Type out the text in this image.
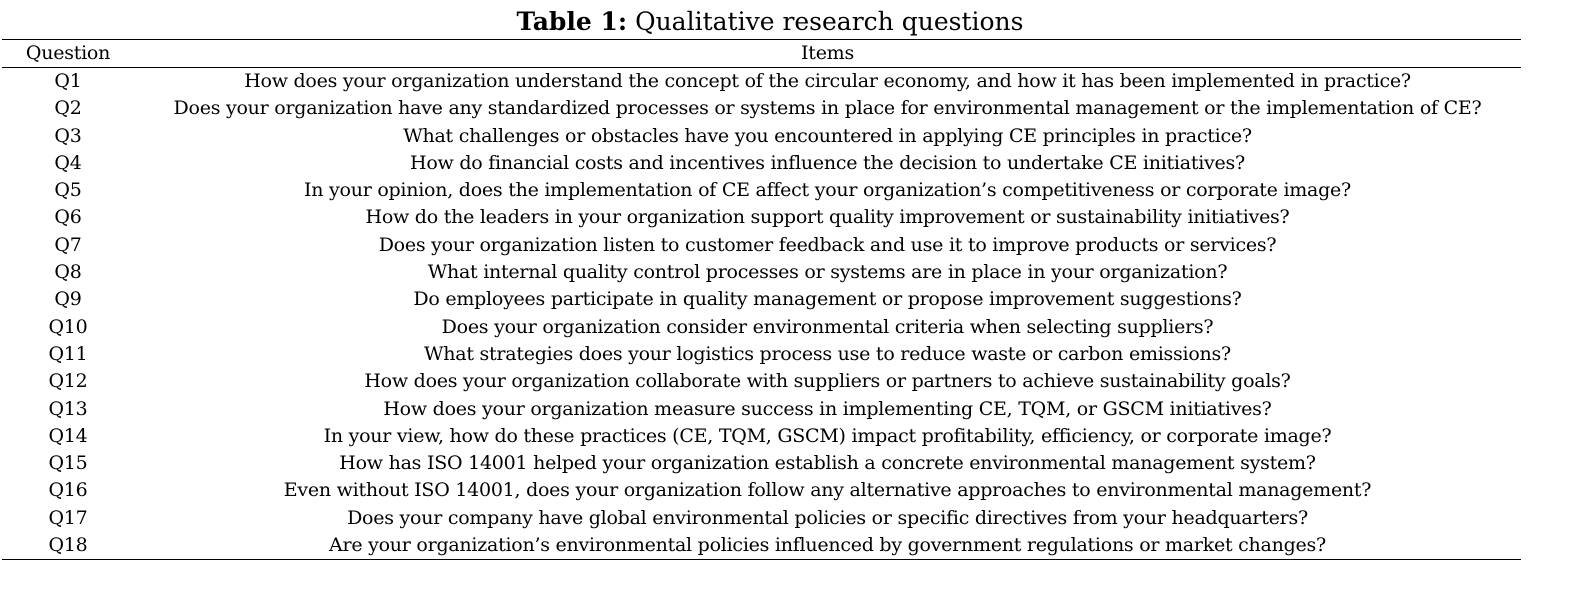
Table 1: Qualitative research questions
Question	Items
Q1	How does your organization understand the concept of the circular economy, and how it has been implemented in practice?
Q2	Does your organization have any standardized processes or systems in place for environmental management or the implementation of CE?
Q3	What challenges or obstacles have you encountered in applying CE principles in practice?
Q4	How do financial costs and incentives influence the decision to undertake CE initiatives?
Q5	In your opinion, does the implementation of CE affect your organization’s competitiveness or corporate image?
Q6	How do the leaders in your organization support quality improvement or sustainability initiatives?
Q7	Does your organization listen to customer feedback and use it to improve products or services?
Q8	What internal quality control processes or systems are in place in your organization?
Q9	Do employees participate in quality management or propose improvement suggestions?
Q10	Does your organization consider environmental criteria when selecting suppliers?
Q11	What strategies does your logistics process use to reduce waste or carbon emissions?
Q12	How does your organization collaborate with suppliers or partners to achieve sustainability goals?
Q13	How does your organization measure success in implementing CE, TQM, or GSCM initiatives?
Q14	In your view, how do these practices (CE, TQM, GSCM) impact profitability, efficiency, or corporate image?
Q15	How has ISO 14001 helped your organization establish a concrete environmental management system?
Q16	Even without ISO 14001, does your organization follow any alternative approaches to environmental management?
Q17	Does your company have global environmental policies or specific directives from your headquarters?
Q18	Are your organization’s environmental policies influenced by government regulations or market changes?
